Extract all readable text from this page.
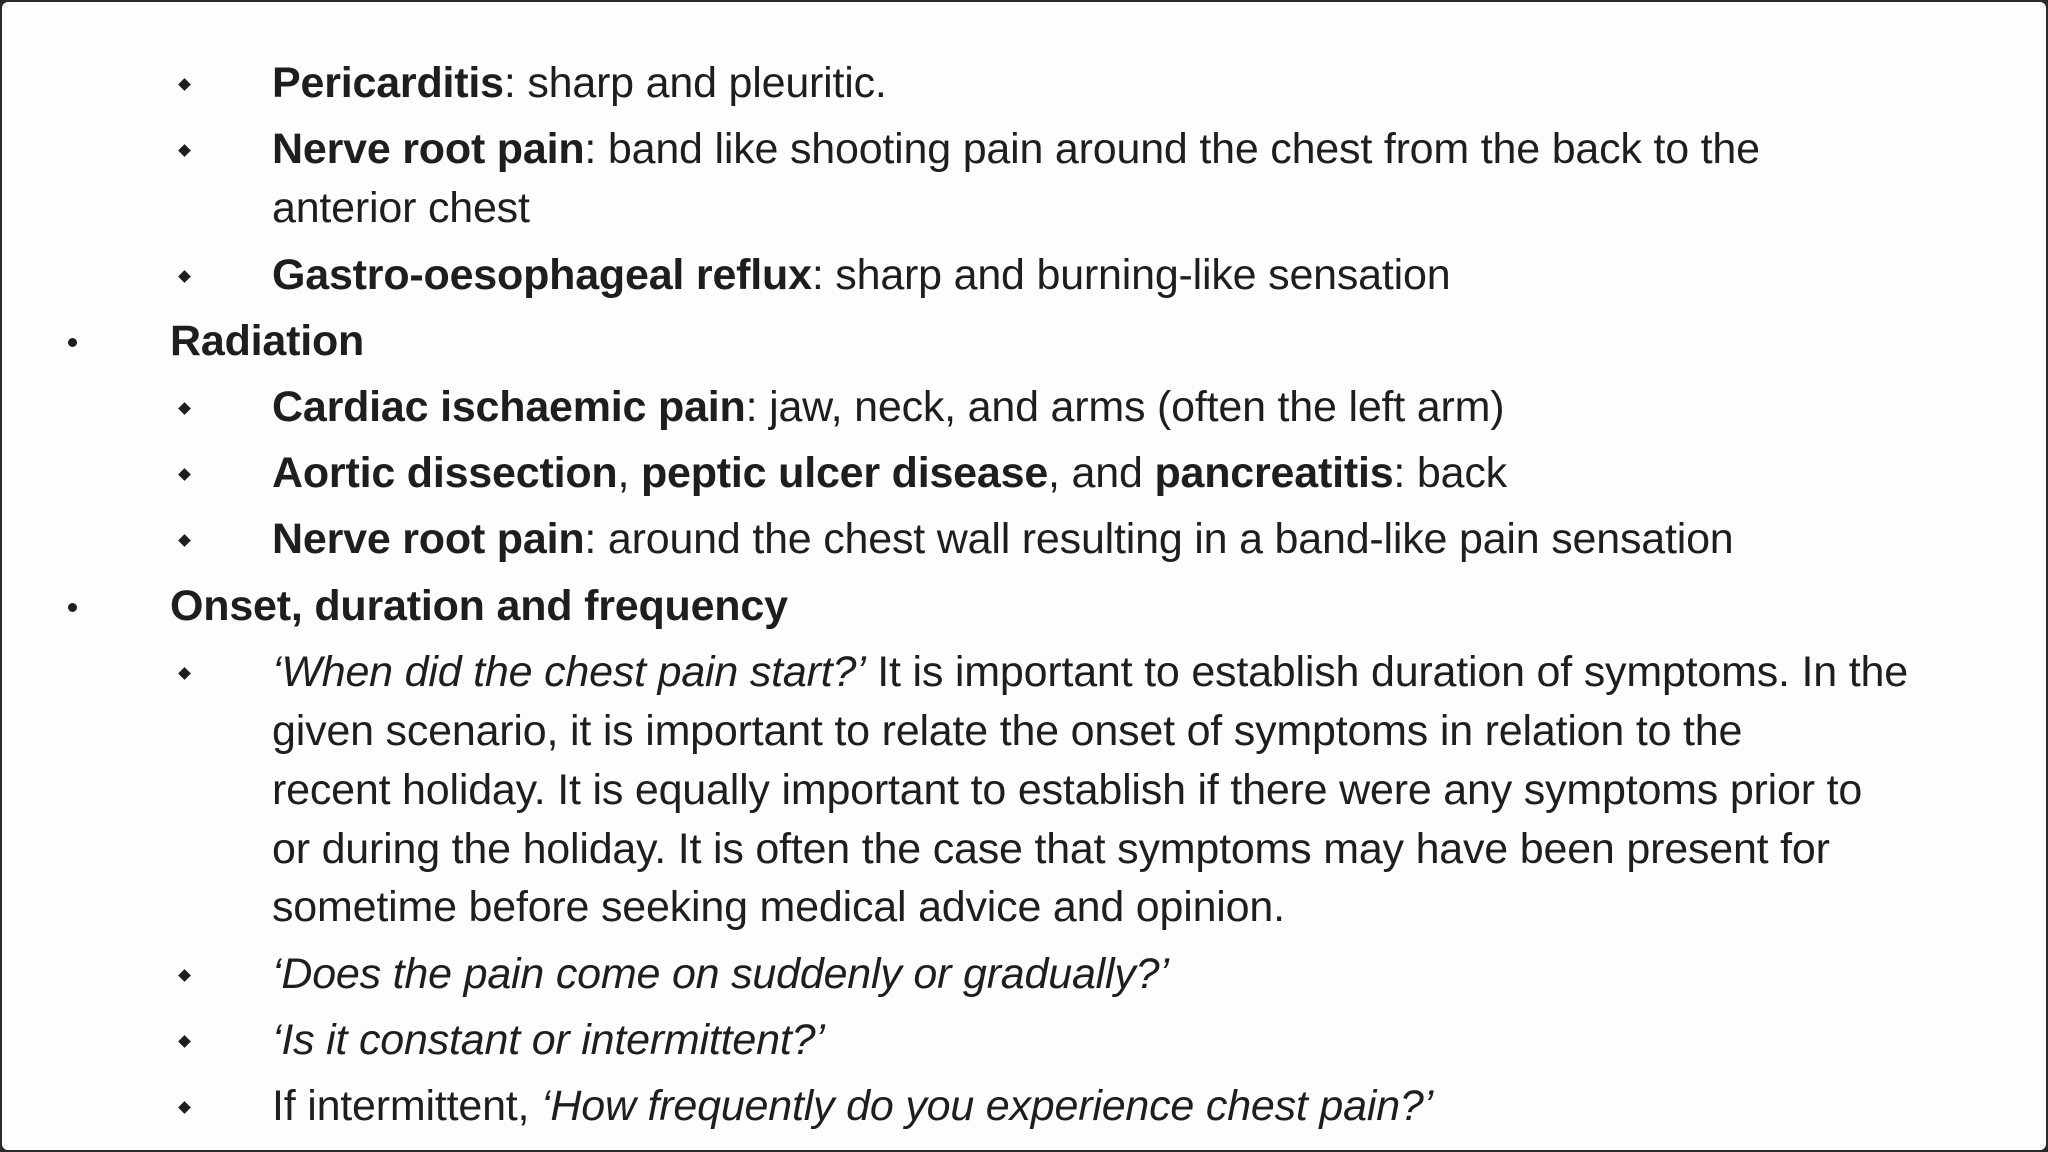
Pericarditis: sharp and pleuritic.
Nerve root pain: band like shooting pain around the chest from the back to the
anterior chest
Gastro-oesophageal reflux: sharp and burning-like sensation
Radiation
Cardiac ischaemic pain: jaw, neck, and arms (often the left arm)
Aortic dissection, peptic ulcer disease, and pancreatitis: back
Nerve root pain: around the chest wall resulting in a band-like pain sensation
Onset, duration and frequency
‘When did the chest pain start?’ It is important to establish duration of symptoms. In the
given scenario, it is important to relate the onset of symptoms in relation to the
recent holiday. It is equally important to establish if there were any symptoms prior to
or during the holiday. It is often the case that symptoms may have been present for
sometime before seeking medical advice and opinion.
‘Does the pain come on suddenly or gradually?’
‘Is it constant or intermittent?’
If intermittent, ‘How frequently do you experience chest pain?’
